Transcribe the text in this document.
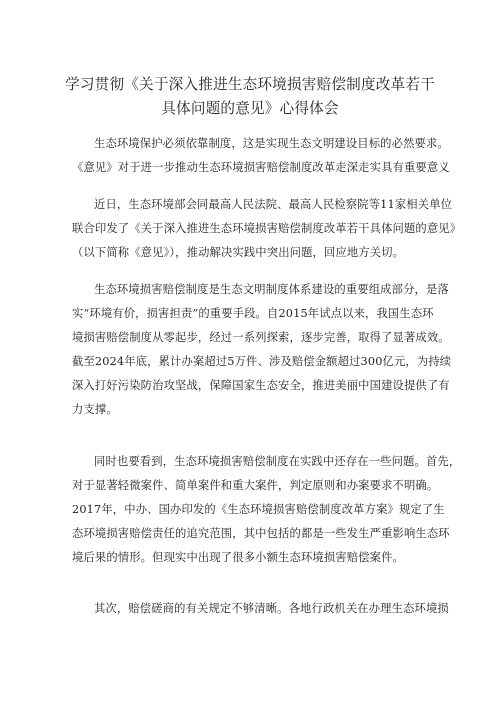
学习贯彻《关于深入推进生态环境损害赔偿制度改革若干
具体问题的意见》心得体会
生态环境保护必须依靠制度，这是实现生态文明建设目标的必然要求。
《意见》对于进一步推动生态环境损害赔偿制度改革走深走实具有重要意义
近日，生态环境部会同最高人民法院、最高人民检察院等11家相关单位
联合印发了《关于深入推进生态环境损害赔偿制度改革若干具体问题的意见》
（以下简称《意见》），推动解决实践中突出问题，回应地方关切。
生态环境损害赔偿制度是生态文明制度体系建设的重要组成部分，是落
实“环境有价，损害担责”的重要手段。自2015年试点以来，我国生态环
境损害赔偿制度从零起步，经过一系列探索，逐步完善，取得了显著成效。
截至2024年底，累计办案超过5万件、涉及赔偿金额超过300亿元，为持续
深入打好污染防治攻坚战，保障国家生态安全，推进美丽中国建设提供了有
力支撑。
同时也要看到，生态环境损害赔偿制度在实践中还存在一些问题。首先，
对于显著轻微案件、简单案件和重大案件，判定原则和办案要求不明确。
2017年，中办、国办印发的《生态环境损害赔偿制度改革方案》规定了生
态环境损害赔偿责任的追究范围，其中包括的都是一些发生严重影响生态环
境后果的情形。但现实中出现了很多小额生态环境损害赔偿案件。
其次，赔偿磋商的有关规定不够清晰。各地行政机关在办理生态环境损
